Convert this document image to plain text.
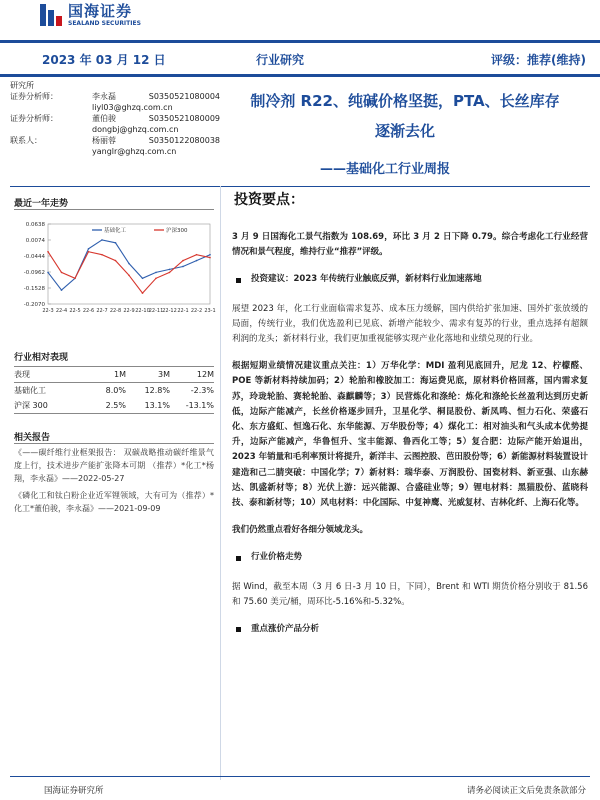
国海证券
SEALAND SECURITIES
2023 年 03 月 12 日	行业研究	评级：推荐(维持)
研究所
证券分析师：	李永磊	S0350521080004
liyl03@ghzq.com.cn
证券分析师：	董伯骏	S0350521080009
dongbj@ghzq.com.cn
联系人：	杨丽蓉	S0350122080038
yanglr@ghzq.com.cn
制冷剂 R22、纯碱价格坚挺，PTA、长丝库存
逐渐去化
——基础化工行业周报
最近一年走势
0.0638
0.0074
-0.0444
-0.0962
-0.1528
-0.2070
22-3 22-4 22-5 22-6 22-7 22-8 22-9 22-10
22-11
22-12 22-1 22-2 23-1
基础化工	沪深300
行业相对表现
表现	1M	3M	12M
基础化工	8.0%	12.8%	-2.3%
沪深 300	2.5%	13.1%	-13.1%
相关报告

《——碳纤维行业框架报告： 双碳战略推动碳纤维景气度上行，技术进步产能扩张降本可期 （推荐）*化工*杨翔，李永磊》——2022-05-27

《磷化工和钛白粉企业近军锂领域，大有可为（推荐）*化工*董伯骏，李永磊》——2021-09-09

投资要点：

3 月 9 日国海化工景气指数为 108.69，环比 3 月 2 日下降 0.79。综合考虑化工行业经营情况和景气程度，维持行业“推荐”评级。

投资建议：2023 年传统行业触底反弹，新材料行业加速落地

展望 2023 年，化工行业面临需求复苏、成本压力缓解，国内供给扩张加速、国外扩张放缓的局面，传统行业，我们优选盈利已见底、新增产能较少、需求有复苏的行业，重点选择有超额利润的龙头；新材料行业，我们更加重视能够实现产业化落地和业绩兑现的行业。

根据短期业绩情况建议重点关注：1）万华化学：MDI 盈利见底回升，尼龙 12、柠檬醛、POE 等新材料持续加码；2）轮胎和橡胶加工：海运费见底，原材料价格回落，国内需求复苏，玲珑轮胎、赛轮轮胎、森麒麟等；3）民营炼化和涤纶：炼化和涤纶长丝盈利达到历史新低，边际产能减产，长丝价格逐步回升，卫星化学、桐昆股份、新凤鸣、恒力石化、荣盛石化、东方盛虹、恒逸石化、东华能源、万华股份等；4）煤化工：相对油头和气头成本优势提升，边际产能减产，华鲁恒升、宝丰能源、鲁西化工等；5）复合肥：边际产能开始退出，2023 年销量和毛利率预计将提升，新洋丰、云图控股、芭田股份等；6）新能源材料装置设计建造和己二腈突破：中国化学；7）新材料：瑞华泰、万润股份、国瓷材料、新亚强、山东赫达、凯盛新材等；8）光伏上游：远兴能源、合盛硅业等；9）锂电材料：黑猫股份、蓝晓科技、泰和新材等；10）风电材料：中化国际、中复神鹰、光威复材、吉林化纤、上海石化等。

我们仍然重点看好各细分领域龙头。

行业价格走势

据 Wind，截至本周（3 月 6 日-3 月 10 日，下同），Brent 和 WTI 期货价格分别收于 81.56 和 75.60 美元/桶，周环比-5.16%和-5.32%。

重点涨价产品分析
国海证券研究所	请务必阅读正文后免责条款部分
